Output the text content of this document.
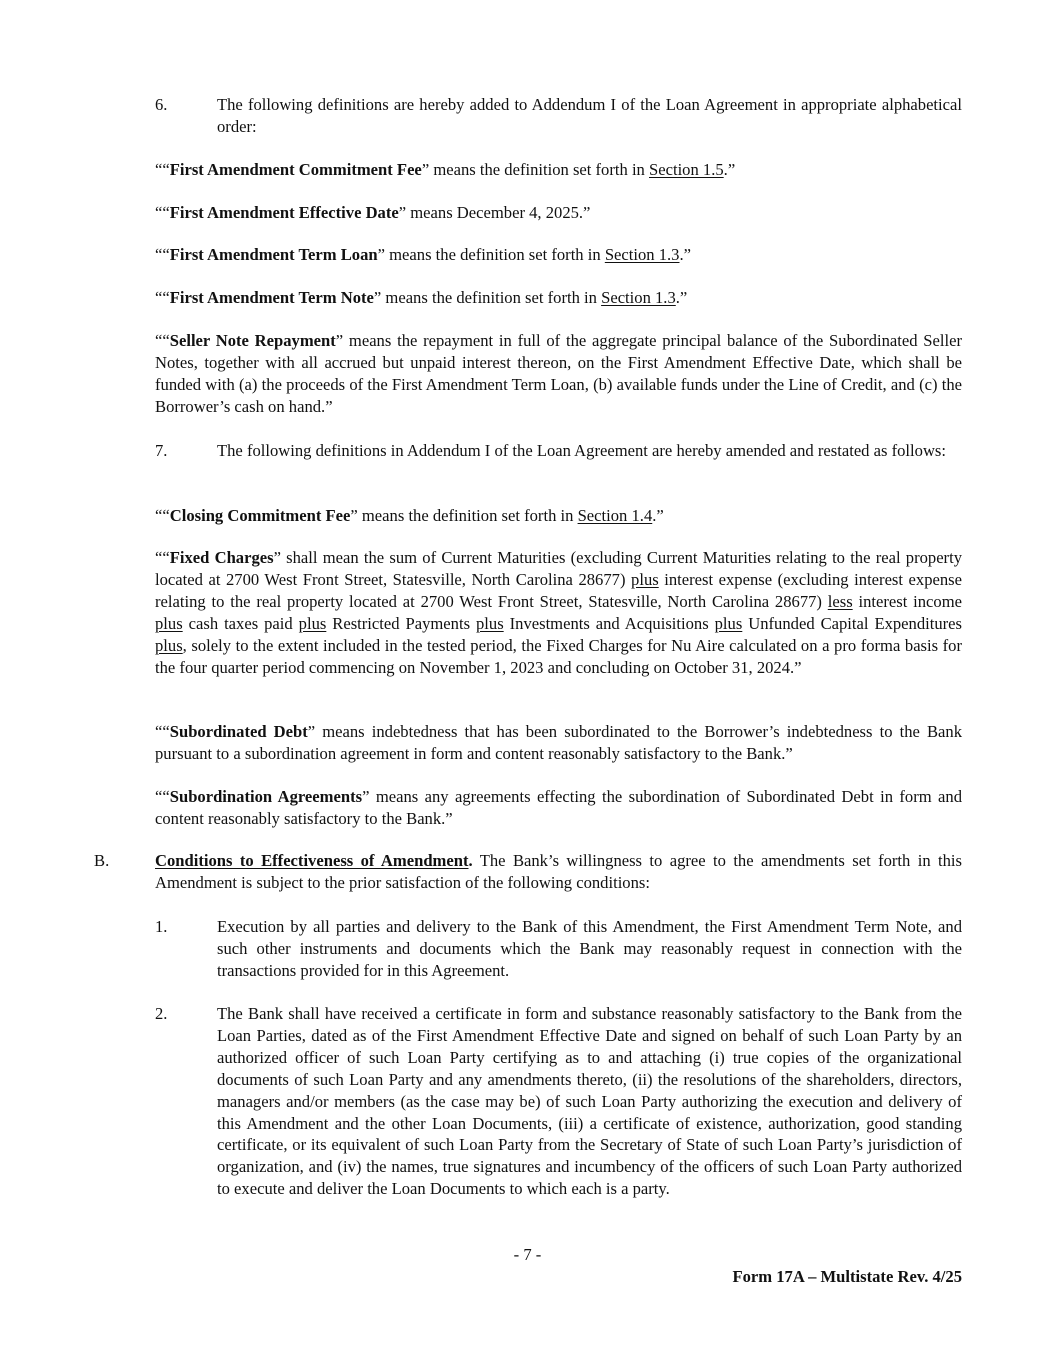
6.	The following definitions are hereby added to Addendum I of the Loan Agreement in appropriate alphabetical order:

““First Amendment Commitment Fee” means the definition set forth in Section 1.5.”

““First Amendment Effective Date” means December 4, 2025.”

““First Amendment Term Loan” means the definition set forth in Section 1.3.”

““First Amendment Term Note” means the definition set forth in Section 1.3.”

““Seller Note Repayment” means the repayment in full of the aggregate principal balance of the Subordinated Seller Notes, together with all accrued but unpaid interest thereon, on the First Amendment Effective Date, which shall be funded with (a) the proceeds of the First Amendment Term Loan, (b) available funds under the Line of Credit, and (c) the Borrower’s cash on hand.”

7.	The following definitions in Addendum I of the Loan Agreement are hereby amended and restated as follows:

““Closing Commitment Fee” means the definition set forth in Section 1.4.”

““Fixed Charges” shall mean the sum of Current Maturities (excluding Current Maturities relating to the real property located at 2700 West Front Street, Statesville, North Carolina 28677) plus interest expense (excluding interest expense relating to the real property located at 2700 West Front Street, Statesville, North Carolina 28677) less interest income plus cash taxes paid plus Restricted Payments plus Investments and Acquisitions plus Unfunded Capital Expenditures plus, solely to the extent included in the tested period, the Fixed Charges for Nu Aire calculated on a pro forma basis for the four quarter period commencing on November 1, 2023 and concluding on October 31, 2024.”

““Subordinated Debt” means indebtedness that has been subordinated to the Borrower’s indebtedness to the Bank pursuant to a subordination agreement in form and content reasonably satisfactory to the Bank.”

““Subordination Agreements” means any agreements effecting the subordination of Subordinated Debt in form and content reasonably satisfactory to the Bank.”

B.	Conditions to Effectiveness of Amendment. The Bank’s willingness to agree to the amendments set forth in this Amendment is subject to the prior satisfaction of the following conditions:

1.	Execution by all parties and delivery to the Bank of this Amendment, the First Amendment Term Note, and such other instruments and documents which the Bank may reasonably request in connection with the transactions provided for in this Agreement.

2.	The Bank shall have received a certificate in form and substance reasonably satisfactory to the Bank from the Loan Parties, dated as of the First Amendment Effective Date and signed on behalf of such Loan Party by an authorized officer of such Loan Party certifying as to and attaching (i) true copies of the organizational documents of such Loan Party and any amendments thereto, (ii) the resolutions of the shareholders, directors, managers and/or members (as the case may be) of such Loan Party authorizing the execution and delivery of this Amendment and the other Loan Documents, (iii) a certificate of existence, authorization, good standing certificate, or its equivalent of such Loan Party from the Secretary of State of such Loan Party’s jurisdiction of organization, and (iv) the names, true signatures and incumbency of the officers of such Loan Party authorized to execute and deliver the Loan Documents to which each is a party.

- 7 -
Form 17A – Multistate Rev. 4/25
